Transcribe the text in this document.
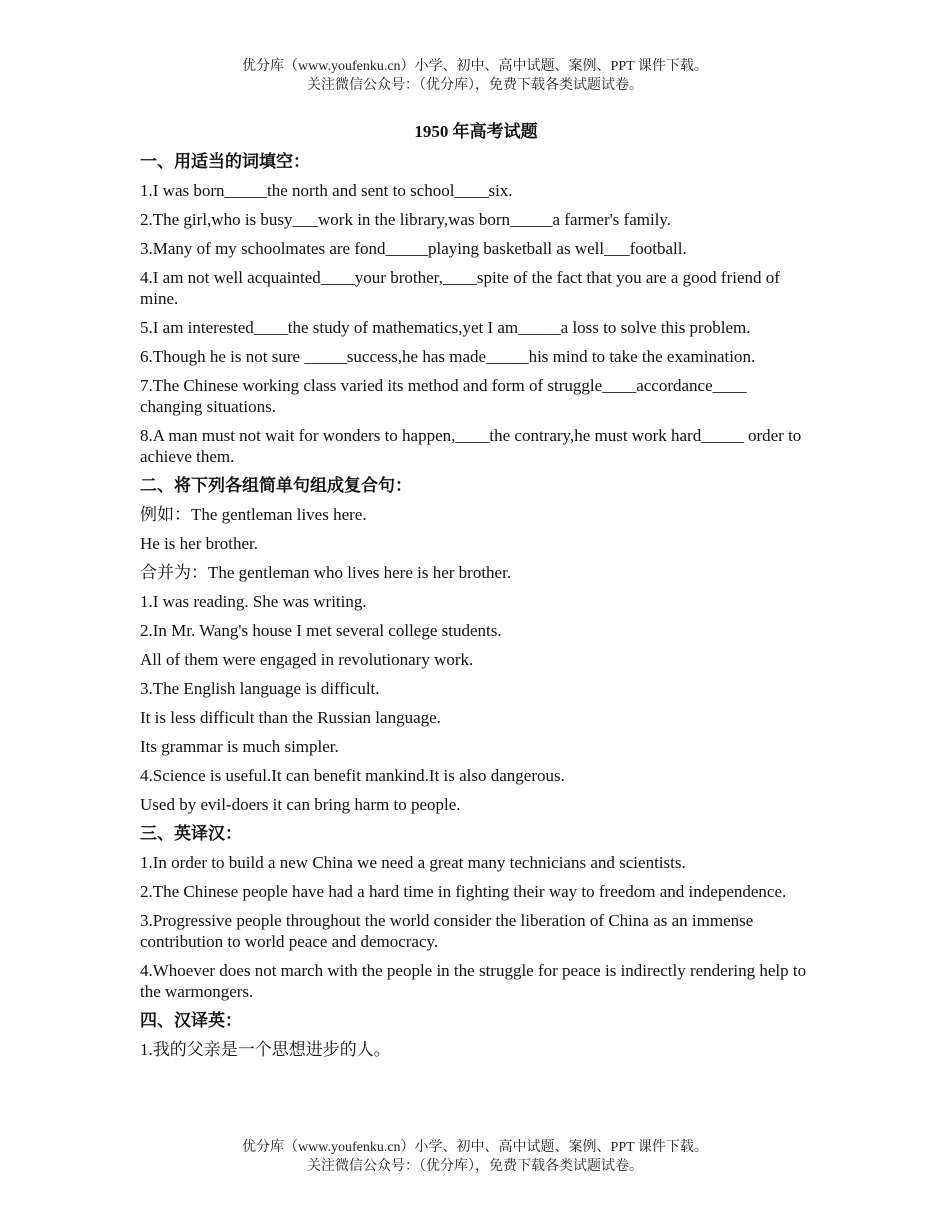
优分库（www.youfenku.cn）小学、初中、高中试题、案例、PPT 课件下载。
关注微信公众号：（优分库），免费下载各类试题试卷。
1950 年高考试题
一、用适当的词填空：
1.I was born_____the north and sent to school____six.
2.The girl,who is busy___work in the library,was born_____a farmer's family.
3.Many of my schoolmates are fond_____playing basketball as well___football.
4.I am not well acquainted____your brother,____spite of the fact that you are a good friend of mine.
5.I am interested____the study of mathematics,yet I am_____a loss to solve this problem.
6.Though he is not sure _____success,he has made_____his mind to take the examination.
7.The Chinese working class varied its method and form of struggle____accordance____ changing situations.
8.A man must not wait for wonders to happen,____the contrary,he must work hard_____ order to achieve them.
二、将下列各组简单句组成复合句：
例如：The gentleman lives here.
He is her brother.
合并为：The gentleman who lives here is her brother.
1.I was reading. She was writing.
2.In Mr. Wang's house I met several college students.
All of them were engaged in revolutionary work.
3.The English language is difficult.
It is less difficult than the Russian language.
Its grammar is much simpler.
4.Science is useful.It can benefit mankind.It is also dangerous.
Used by evil-doers it can bring harm to people.
三、英译汉：
1.In order to build a new China we need a great many technicians and scientists.
2.The Chinese people have had a hard time in fighting their way to freedom and independence.
3.Progressive people throughout the world consider the liberation of China as an immense contribution to world peace and democracy.
4.Whoever does not march with the people in the struggle for peace is indirectly rendering help to the warmongers.
四、汉译英：
1.我的父亲是一个思想进步的人。
优分库（www.youfenku.cn）小学、初中、高中试题、案例、PPT 课件下载。
关注微信公众号：（优分库），免费下载各类试题试卷。
